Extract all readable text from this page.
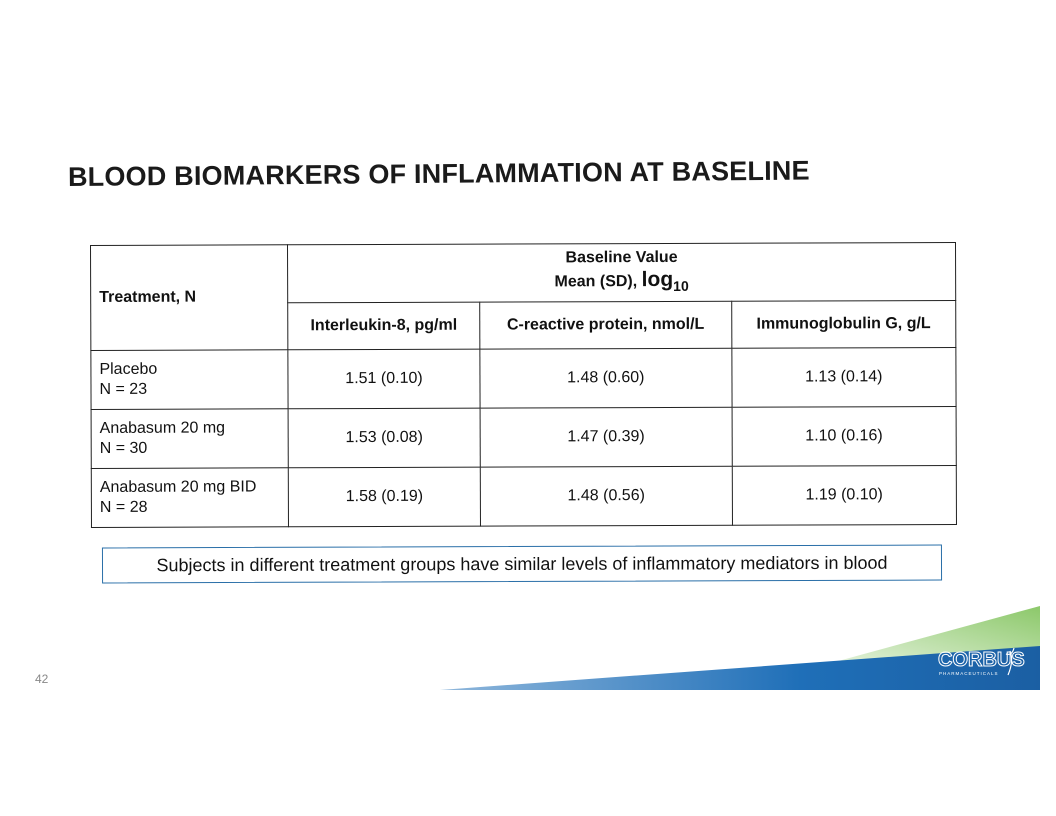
BLOOD BIOMARKERS OF INFLAMMATION AT BASELINE
Treatment, N	Baseline Value
Mean (SD), log10		
	Interleukin-8, pg/ml	C-reactive protein, nmol/L	Immunoglobulin G, g/L
Placebo
N = 23	1.51 (0.10)	1.48 (0.60)	1.13 (0.14)
Anabasum 20 mg
N = 30	1.53 (0.08)	1.47 (0.39)	1.10 (0.16)
Anabasum 20 mg BID
N = 28	1.58 (0.19)	1.48 (0.56)	1.19 (0.10)
Subjects in different treatment groups have similar levels of inflammatory mediators in blood
42
CORBUS
PHARMACEUTICALS
